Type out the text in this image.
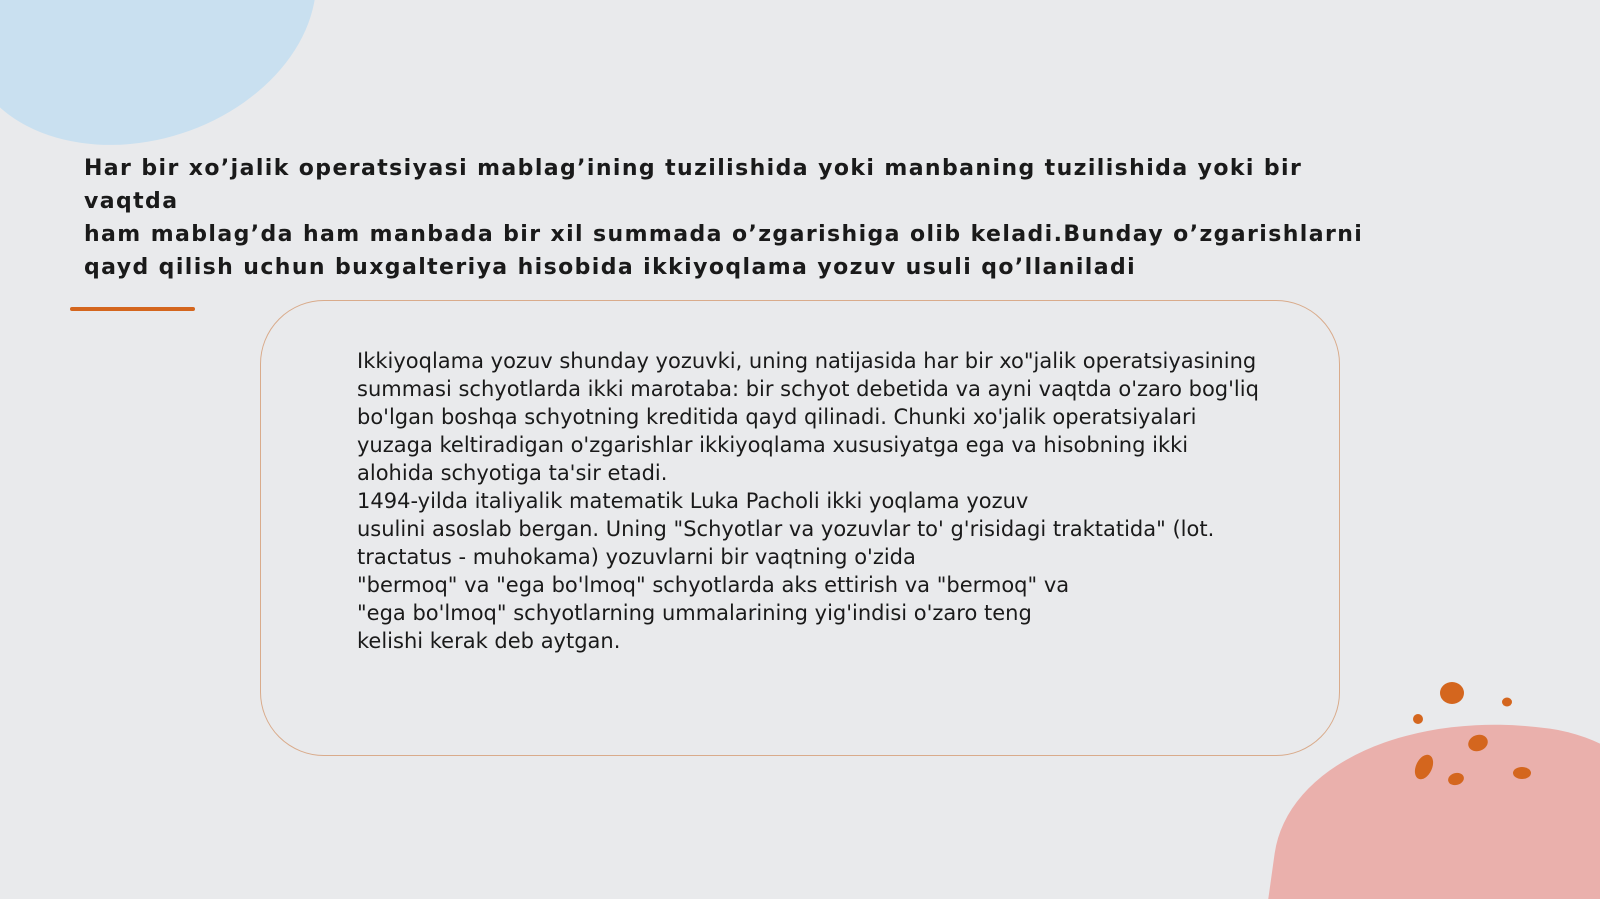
Har bir xo’jalik operatsiyasi mablag’ining tuzilishida yoki manbaning tuzilishida yoki bir vaqtda
ham mablag’da ham manbada bir xil summada o’zgarishiga olib keladi.Bunday o’zgarishlarni
qayd qilish uchun buxgalteriya hisobida ikkiyoqlama yozuv usuli qo’llaniladi
Ikkiyoqlama yozuv shunday yozuvki, uning natijasida har bir xo"jalik operatsiyasining
summasi schyotlarda ikki marotaba: bir schyot debetida va ayni vaqtda o'zaro bog'liq
bo'lgan boshqa schyotning kreditida qayd qilinadi. Chunki xo'jalik operatsiyalari
yuzaga keltiradigan o'zgarishlar ikkiyoqlama xususiyatga ega va hisobning ikki
alohida schyotiga ta'sir etadi.
1494-yilda italiyalik matematik Luka Pacholi ikki yoqlama yozuv
usulini asoslab bergan. Uning "Schyotlar va yozuvlar to' g'risidagi traktatida" (lot.
tractatus - muhokama) yozuvlarni bir vaqtning o'zida
"bermoq" va "ega bo'lmoq" schyotlarda aks ettirish va "bermoq" va
"ega bo'lmoq" schyotlarning ummalarining yig'indisi o'zaro teng
kelishi kerak deb aytgan.
